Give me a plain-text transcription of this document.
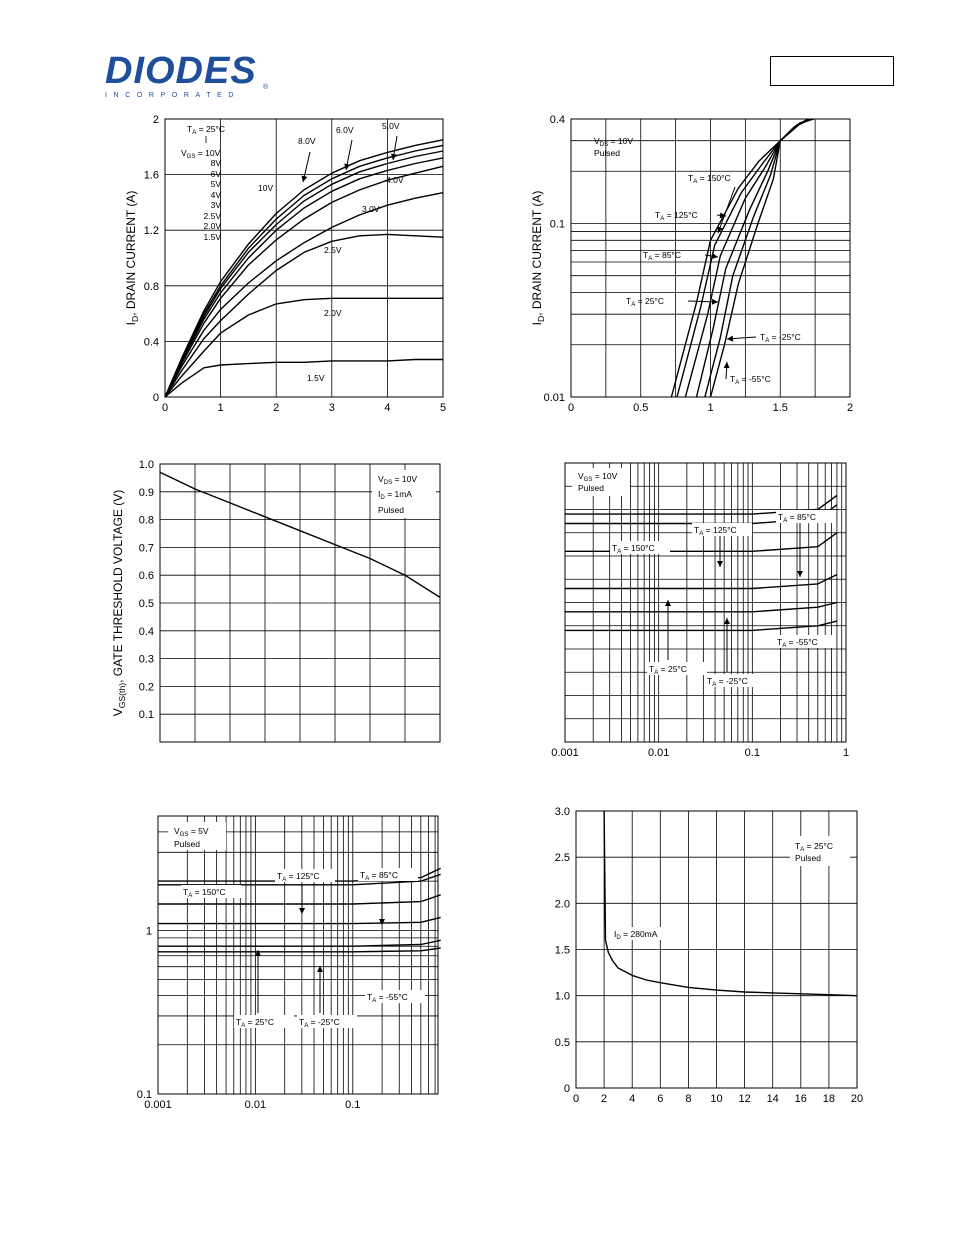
DIODES
INCORPORATED
®
0	1	2	3	4	5
0
0.4
0.8
1.2
1.6
2
$I_D$, DRAIN CURRENT (A)
$T_A = 25^\circ C$
$V_{GS} = 10V$
8V
6V
5V
4V
3V
2.5V
2.0V
1.5V
10V
8.0V
6.0V	5.0V
4.0V
3.0V
2.5V
2.0V
1.5V
0	0.5	1	1.5	2
0.01
0.1
0.4
$I_D$, DRAIN CURRENT (A)
$V_{DS} = 10V$
Pulsed
$T_A = 150^\circ C$
$T_A = 125^\circ C$
$T_A = 85^\circ C$
$T_A = 25^\circ C$
$T_A = -25^\circ C$
$T_A = -55^\circ C$
0.1
0.2
0.3
0.4
0.5
0.6
0.7
0.8
0.9
1.0
$V_{GS(th)}$, GATE THRESHOLD VOLTAGE (V)
$V_{DS} = 10V$
$I_D = 1mA$
Pulsed
0.001	0.01	0.1	1
$V_{GS} = 10V$
Pulsed
$T_A = 150^\circ C$
$T_A = 125^\circ C$
$T_A = 85^\circ C$
$T_A = 25^\circ C$
$T_A = -25^\circ C$
$T_A = -55^\circ C$
0.001	0.01	0.1
0.1
1
$V_{GS} = 5V$
Pulsed
$T_A = 150^\circ C$
$T_A = 125^\circ C$	$T_A = 85^\circ C$
$T_A = 25^\circ C$	$T_A = -25^\circ C$
$T_A = -55^\circ C$
0 2 4 6 8 10 12 14 16 18 20
0
0.5
1.0
1.5
2.0
2.5
3.0
$T_A = 25^\circ C$
Pulsed
$I_D = 280mA$
